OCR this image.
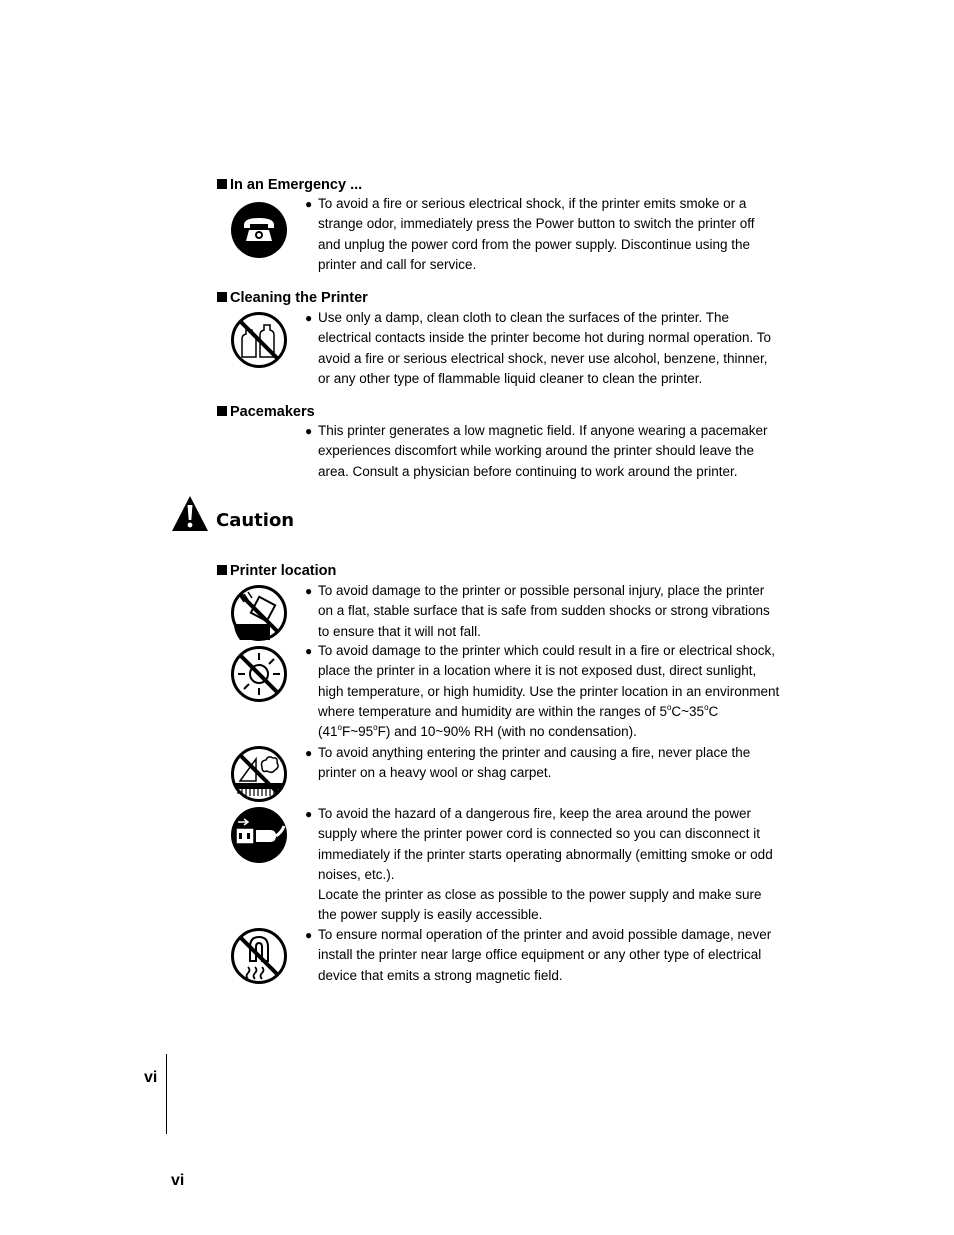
In an Emergency ...
● To avoid a fire or serious electrical shock, if the printer emits smoke or a strange odor, immediately press the Power button to switch the printer off and unplug the power cord from the power supply. Discontinue using the printer and call for service.
Cleaning the Printer
● Use only a damp, clean cloth to clean the surfaces of the printer. The electrical contacts inside the printer become hot during normal operation. To avoid a fire or serious electrical shock, never use alcohol, benzene, thinner, or any other type of flammable liquid cleaner to clean the printer.
Pacemakers
● This printer generates a low magnetic field. If anyone wearing a pacemaker experiences discomfort while working around the printer should leave the area. Consult a physician before continuing to work around the printer.
Caution
Printer location
● To avoid damage to the printer or possible personal injury, place the printer on a flat, stable surface that is safe from sudden shocks or strong vibrations to ensure that it will not fall.
● To avoid damage to the printer which could result in a fire or electrical shock, place the printer in a location where it is not exposed dust, direct sunlight, high temperature, or high humidity. Use the printer location in an environment where temperature and humidity are within the ranges of 5$^o$C~35$^o$C (41$^o$F~95$^o$F) and 10~90% RH (with no condensation).
● To avoid anything entering the printer and causing a fire, never place the printer on a heavy wool or shag carpet.
● To avoid the hazard of a dangerous fire, keep the area around the power supply where the printer power cord is connected so you can disconnect it immediately if the printer starts operating abnormally (emitting smoke or odd noises, etc.).
Locate the printer as close as possible to the power supply and make sure the power supply is easily accessible.
● To ensure normal operation of the printer and avoid possible damage, never install the printer near large office equipment or any other type of electrical device that emits a strong magnetic field.
vi
vi
